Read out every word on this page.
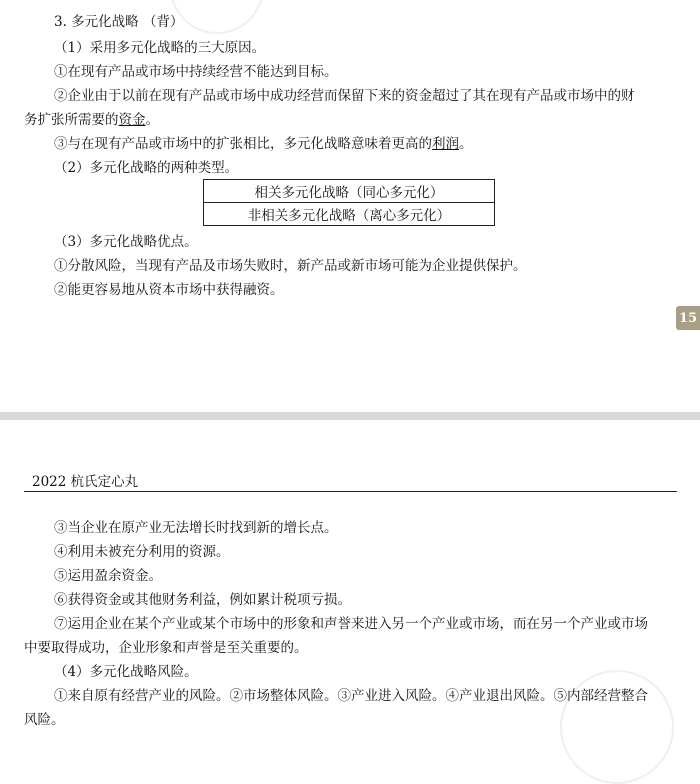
3. 多元化战略 （背）
（1）采用多元化战略的三大原因。
①在现有产品或市场中持续经营不能达到目标。
②企业由于以前在现有产品或市场中成功经营而保留下来的资金超过了其在现有产品或市场中的财
务扩张所需要的资金。
③与在现有产品或市场中的扩张相比，多元化战略意味着更高的利润。
（2）多元化战略的两种类型。
相关多元化战略（同心多元化）
非相关多元化战略（离心多元化）
（3）多元化战略优点。
①分散风险，当现有产品及市场失败时，新产品或新市场可能为企业提供保护。
②能更容易地从资本市场中获得融资。
15
2022 杭氏定心丸
③当企业在原产业无法增长时找到新的增长点。
④利用未被充分利用的资源。
⑤运用盈余资金。
⑥获得资金或其他财务利益，例如累计税项亏损。
⑦运用企业在某个产业或某个市场中的形象和声誉来进入另一个产业或市场，而在另一个产业或市场
中要取得成功，企业形象和声誉是至关重要的。
（4）多元化战略风险。
①来自原有经营产业的风险。②市场整体风险。③产业进入风险。④产业退出风险。⑤内部经营整合
风险。
